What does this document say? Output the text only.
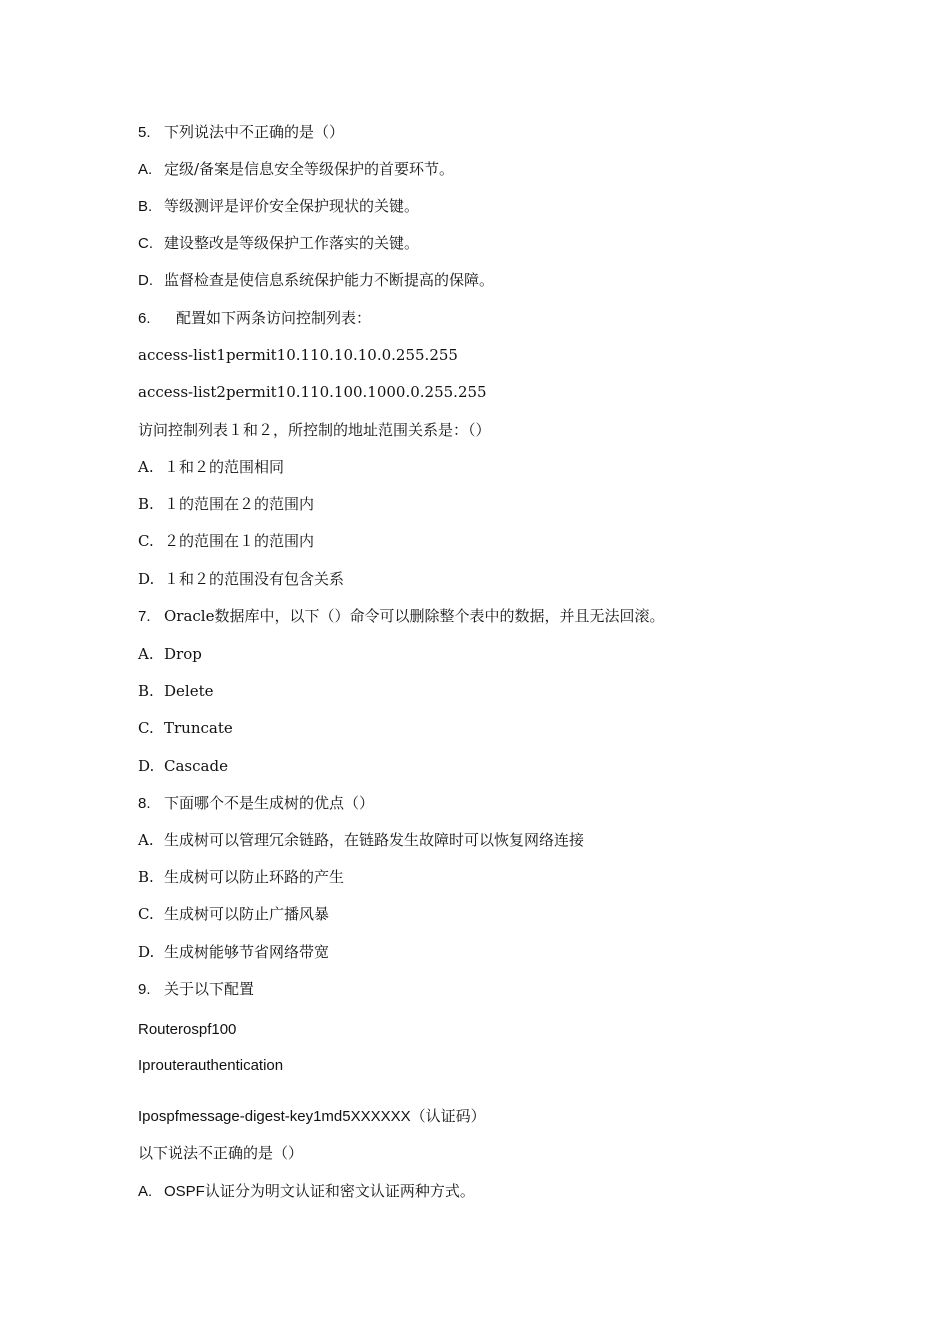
5. 下列说法中不正确的是（）
A. 定级/备案是信息安全等级保护的首要环节。
B. 等级测评是评价安全保护现状的关键。
C. 建设整改是等级保护工作落实的关键。
D. 监督检查是使信息系统保护能力不断提高的保障。
6. 配置如下两条访问控制列表：
access-list1permit10.110.10.10.0.255.255
access-list2permit10.110.100.1000.0.255.255
访问控制列表１和２，所控制的地址范围关系是：（）
A. １和２的范围相同
B. １的范围在２的范围内
C. ２的范围在１的范围内
D. １和２的范围没有包含关系
7. Oracle数据库中，以下（）命令可以删除整个表中的数据，并且无法回滚。
A. Drop
B. Delete
C. Truncate
D. Cascade
8. 下面哪个不是生成树的优点（）
A. 生成树可以管理冗余链路，在链路发生故障时可以恢复网络连接
B. 生成树可以防止环路的产生
C. 生成树可以防止广播风暴
D. 生成树能够节省网络带宽
9. 关于以下配置
Routerospf100
Iprouterauthentication
Ipospfmessage-digest-key1md5XXXXXX（认证码）
以下说法不正确的是（）
A. OSPF认证分为明文认证和密文认证两种方式。
